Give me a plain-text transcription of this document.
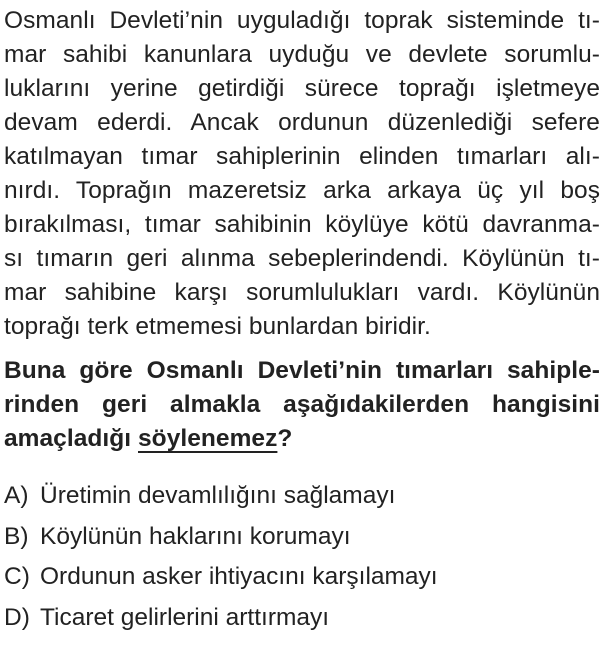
Osmanlı Devleti’nin uyguladığı toprak sisteminde tı-
mar sahibi kanunlara uyduğu ve devlete sorumlu-
luklarını yerine getirdiği sürece toprağı işletmeye
devam ederdi. Ancak ordunun düzenlediği sefere
katılmayan tımar sahiplerinin elinden tımarları alı-
nırdı. Toprağın mazeretsiz arka arkaya üç yıl boş
bırakılması, tımar sahibinin köylüye kötü davranma-
sı tımarın geri alınma sebeplerindendi. Köylünün tı-
mar sahibine karşı sorumlulukları vardı. Köylünün
toprağı terk etmemesi bunlardan biridir.
Buna göre Osmanlı Devleti’nin tımarları sahiple-
rinden geri almakla aşağıdakilerden hangisini
amaçladığı söylenemez?
A) Üretimin devamlılığını sağlamayı
B) Köylünün haklarını korumayı
C) Ordunun asker ihtiyacını karşılamayı
D) Ticaret gelirlerini arttırmayı
